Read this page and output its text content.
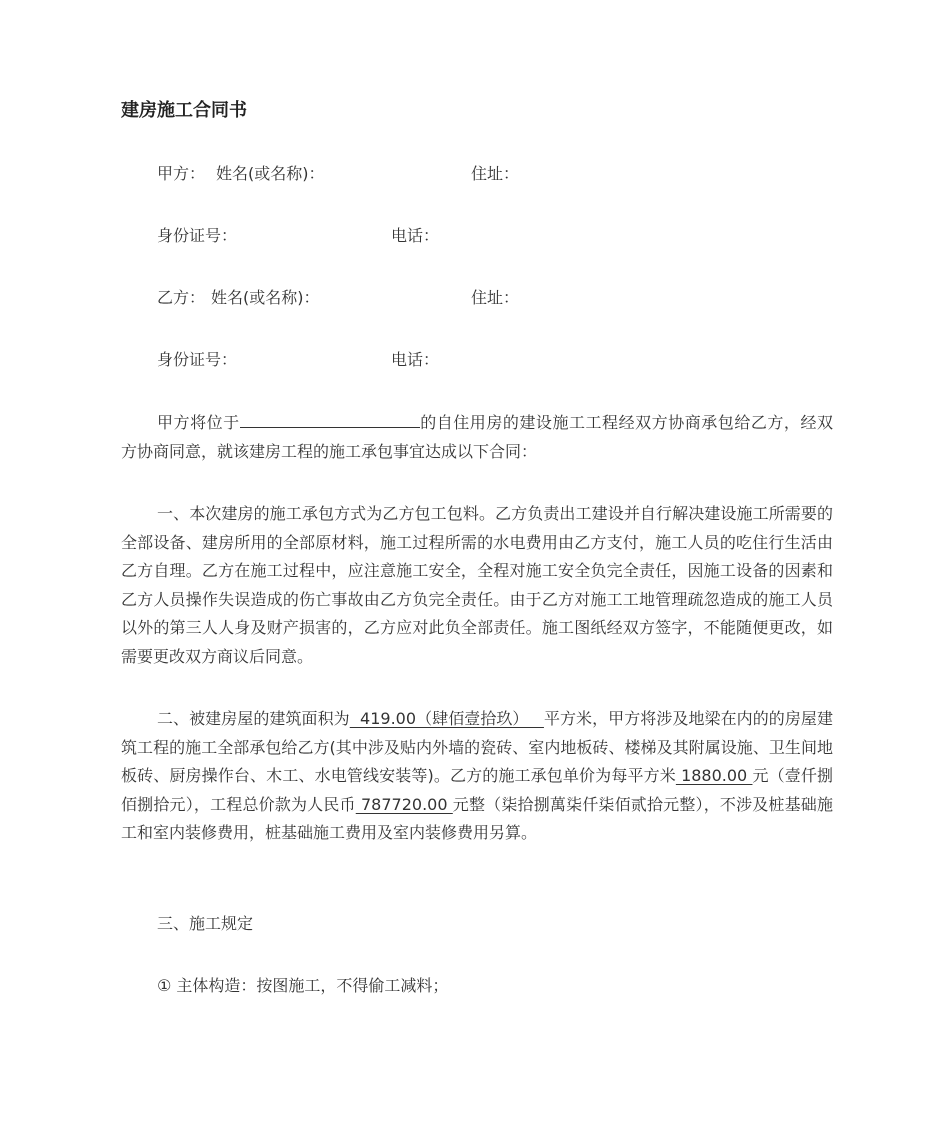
建房施工合同书
甲方： 姓名(或名称)：	住址：
身份证号：	电话：
乙方： 姓名(或名称)：	住址：
身份证号：	电话：

甲方将位于	的自住用房的建设施工工程经双方协商承包给乙方，经双方协商同意，就该建房工程的施工承包事宜达成以下合同：

一、本次建房的施工承包方式为乙方包工包料。乙方负责出工建设并自行解决建设施工所需要的全部设备、建房所用的全部原材料，施工过程所需的水电费用由乙方支付，施工人员的吃住行生活由乙方自理。乙方在施工过程中，应注意施工安全，全程对施工安全负完全责任，因施工设备的因素和乙方人员操作失误造成的伤亡事故由乙方负完全责任。由于乙方对施工工地管理疏忽造成的施工人员以外的第三人人身及财产损害的，乙方应对此负全部责任。施工图纸经双方签字，不能随便更改，如需要更改双方商议后同意。

二、被建房屋的建筑面积为  419.00（肆佰壹拾玖）   平方米，甲方将涉及地梁在内的的房屋建筑工程的施工全部承包给乙方(其中涉及贴内外墙的瓷砖、室内地板砖、楼梯及其附属设施、卫生间地板砖、厨房操作台、木工、水电管线安装等)。乙方的施工承包单价为每平方米 1880.00 元（壹仟捌佰捌拾元），工程总价款为人民币 787720.00 元整（柒拾捌萬柒仟柒佰贰拾元整），不涉及桩基础施工和室内装修费用，桩基础施工费用及室内装修费用另算。

三、施工规定
① 主体构造：按图施工，不得偷工减料；
